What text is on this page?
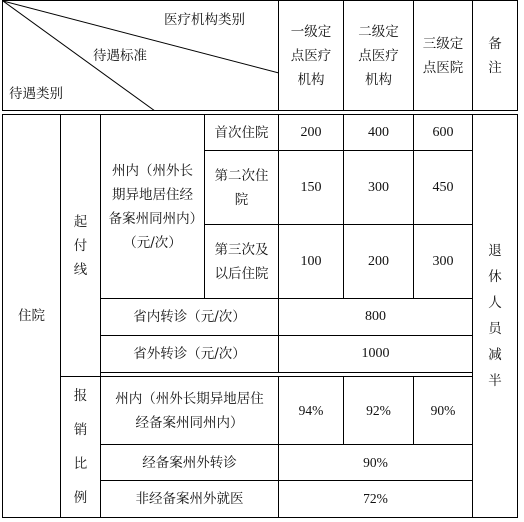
医疗机构类别
待遇标准
待遇类别				一级定点医疗机构	二级定点医疗机构	三级定点医院	备注

住院	起付线	州内（州外长期异地居住经备案州同州内）（元/次）	首次住院	200	400	600	退休人员减半
			第二次住院	150	300	450	
			第三次及以后住院	100	200	300	
		省内转诊（元/次）		800			
		省外转诊（元/次）		1000			

	报销比例	州内（州外长期异地居住经备案州同州内）		94%	92%	90%	
		经备案州外转诊		90%			
		非经备案州外就医		72%			
